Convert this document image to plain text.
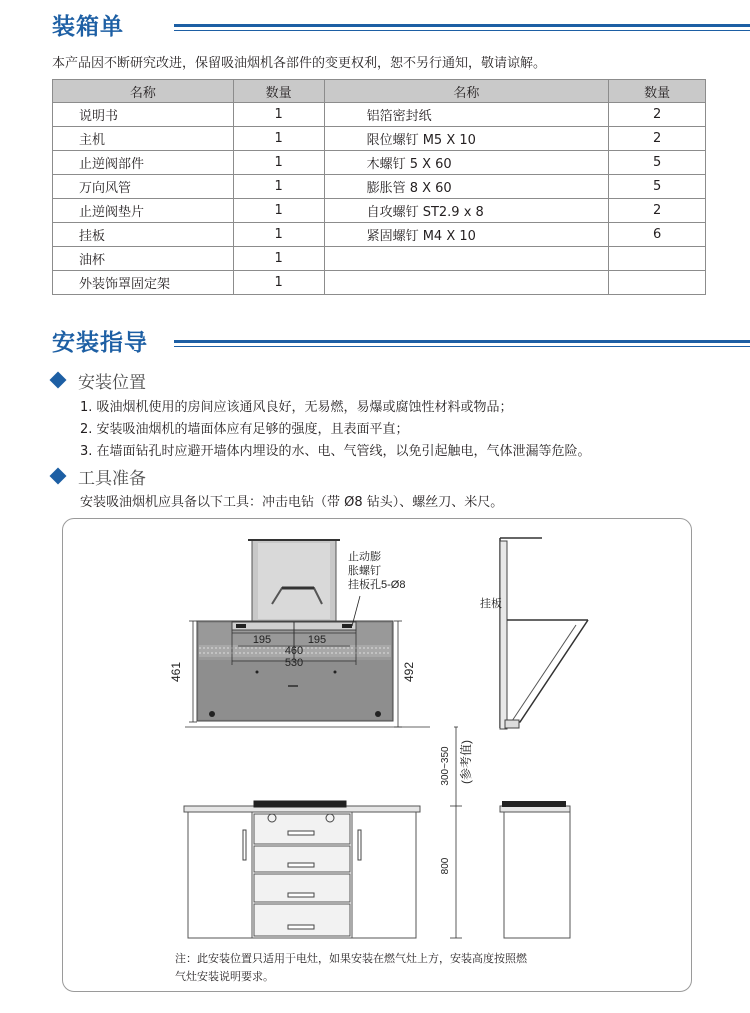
装箱单
本产品因不断研究改进，保留吸油烟机各部件的变更权利，恕不另行通知，敬请谅解。
名称	数量	名称	数量
说明书	1	铝箔密封纸	2
主机	1	限位螺钉 M5 X 10	2
止逆阀部件	1	木螺钉 5 X 60	5
万向风管	1	膨胀管 8 X 60	5
止逆阀垫片	1	自攻螺钉 ST2.9 x 8	2
挂板	1	紧固螺钉 M4 X 10	6
油杯	1		
外装饰罩固定架	1		
安装指导
安装位置
1. 吸油烟机使用的房间应该通风良好，无易燃，易爆或腐蚀性材料或物品；
2. 安装吸油烟机的墙面体应有足够的强度，且表面平直；
3. 在墙面钻孔时应避开墙体内埋设的水、电、气管线，以免引起触电，气体泄漏等危险。
工具准备
安装吸油烟机应具备以下工具：冲击电钻（带 Ø8 钻头）、螺丝刀、米尺。
195	195
460
530
461	492
止动膨
胀螺钉
挂板孔5-Ø8
300~350 (参考值)
800
挂板
注：此安装位置只适用于电灶，如果安装在燃气灶上方，安装高度按照燃
气灶安装说明要求。
